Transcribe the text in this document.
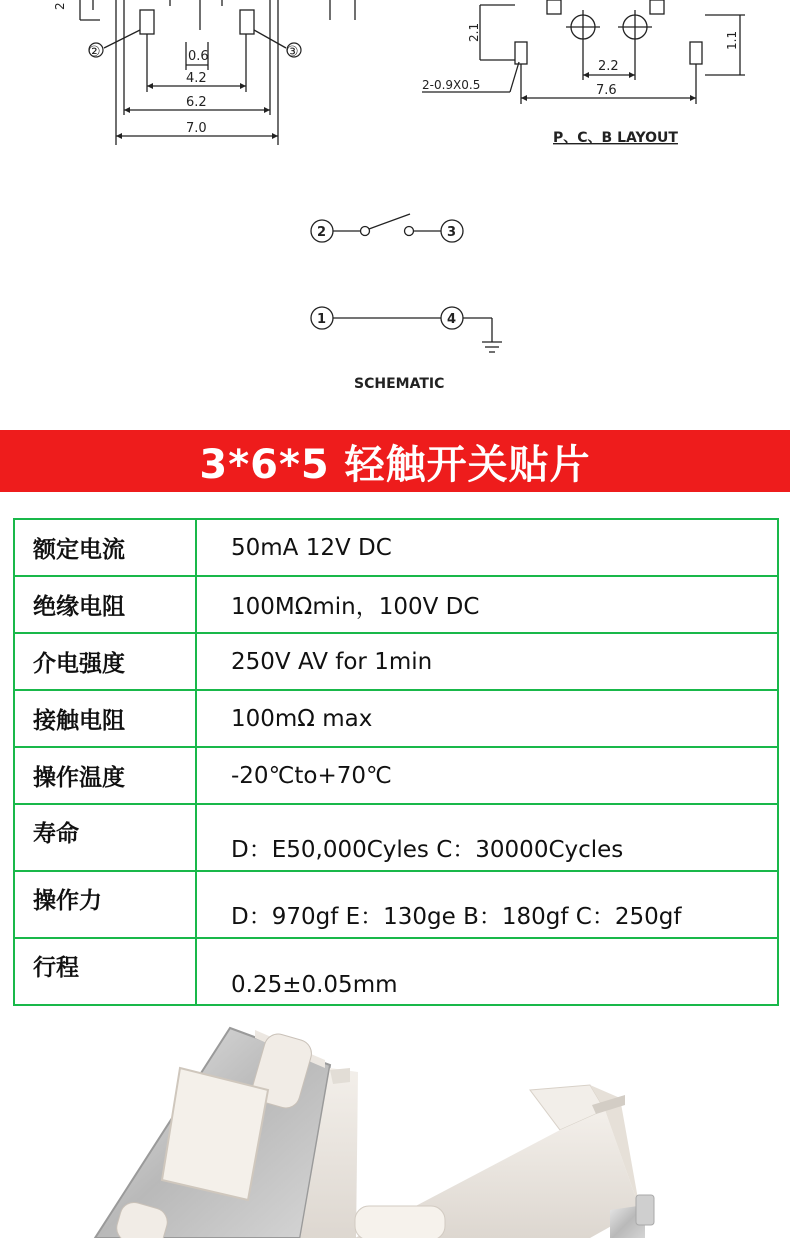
0.6
4.2
6.2
7.0
2
②	③
2.1
2.2
7.6
1.1
2-0.9X0.5
P、C、B LAYOUT
2	3
1	4
SCHEMATIC
3*6*5 轻触开关贴片
额定电流	50mA 12V DC
绝缘电阻	100MΩmin，100V DC
介电强度	250V AV for 1min
接触电阻	100mΩ max
操作温度	-20℃to+70℃
寿命	D：E50,000Cyles C：30000Cycles
操作力	D：970gf E：130ge B：180gf C：250gf
行程	0.25±0.05mm
